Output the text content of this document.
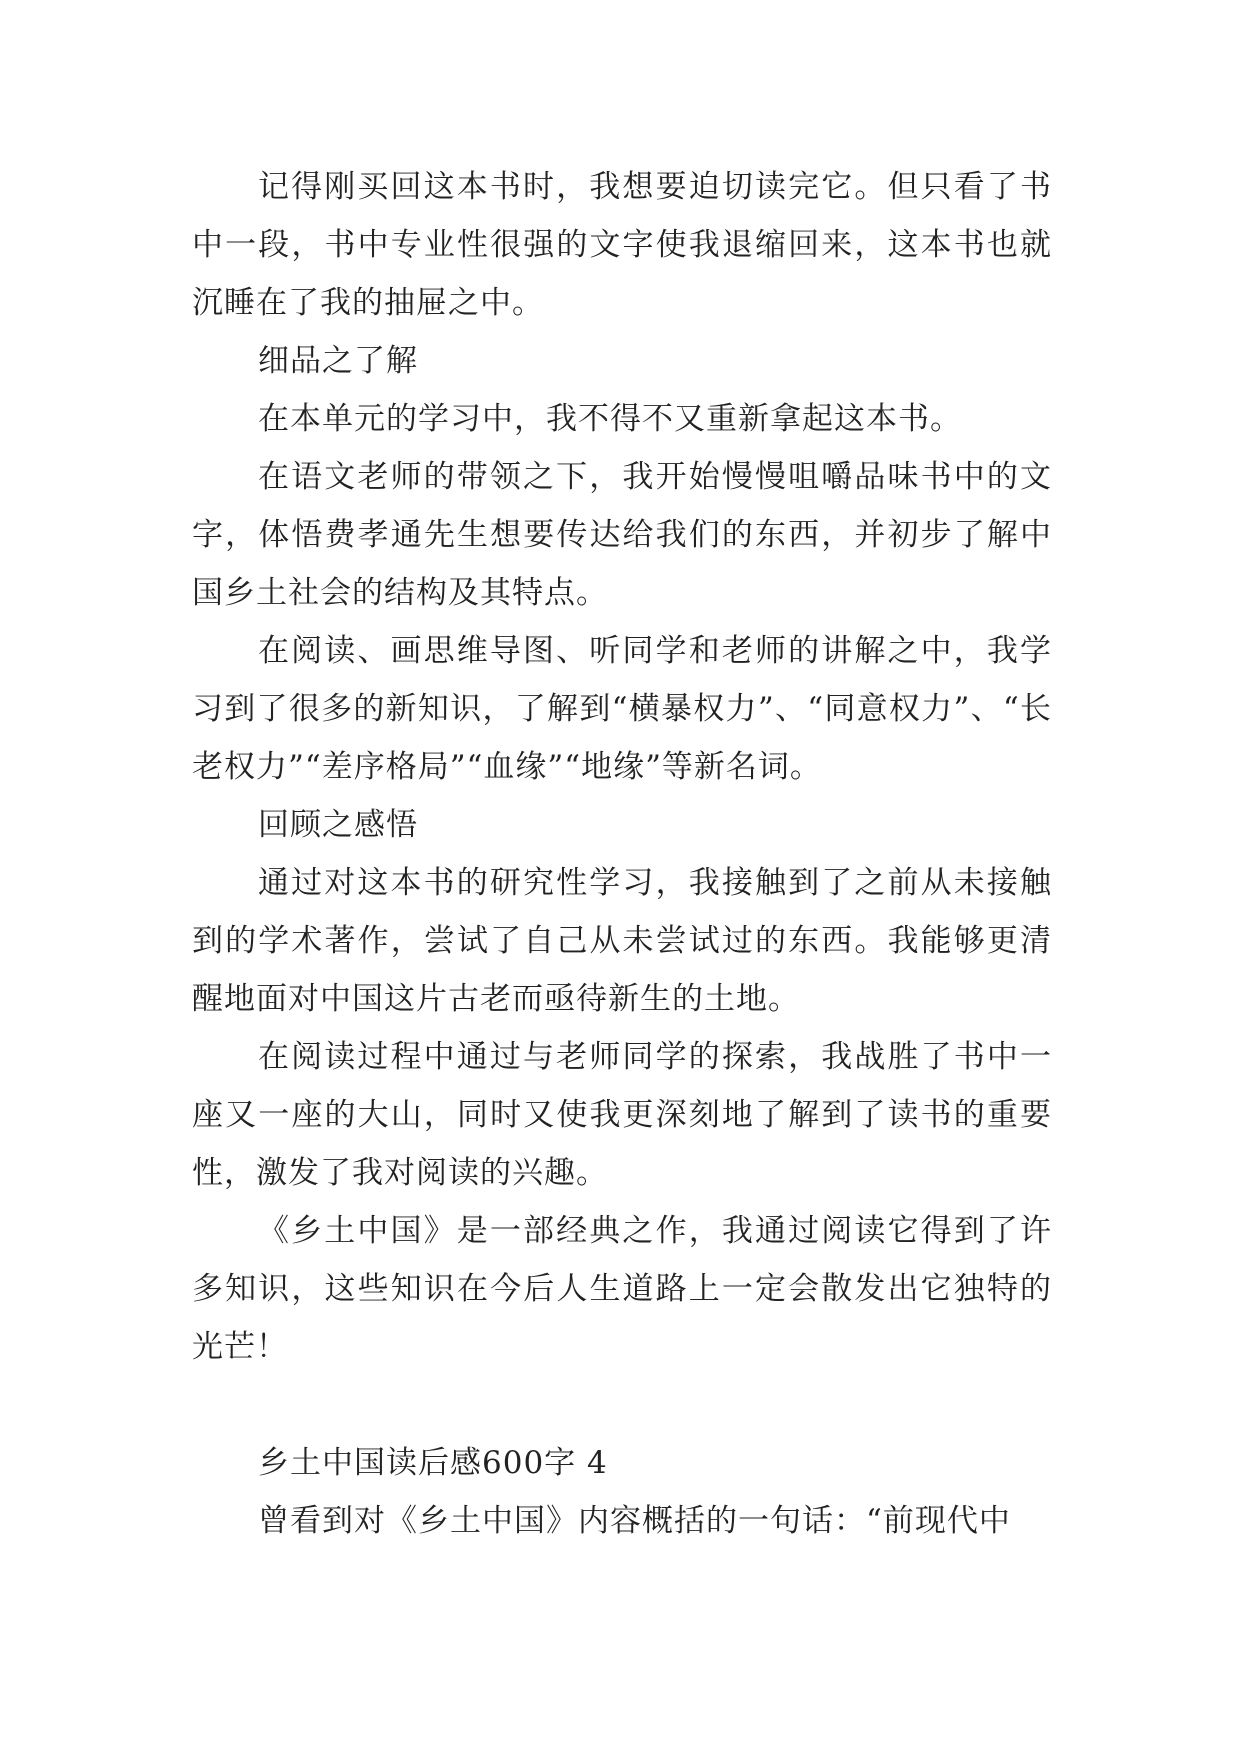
记得刚买回这本书时，我想要迫切读完它。但只看了书中一段，书中专业性很强的文字使我退缩回来，这本书也就沉睡在了我的抽屉之中。

细品之了解

在本单元的学习中，我不得不又重新拿起这本书。

在语文老师的带领之下，我开始慢慢咀嚼品味书中的文字，体悟费孝通先生想要传达给我们的东西，并初步了解中国乡土社会的结构及其特点。

在阅读、画思维导图、听同学和老师的讲解之中，我学习到了很多的新知识，了解到“横暴权力”、“同意权力”、“长老权力”“差序格局”“血缘”“地缘”等新名词。

回顾之感悟

通过对这本书的研究性学习，我接触到了之前从未接触到的学术著作，尝试了自己从未尝试过的东西。我能够更清醒地面对中国这片古老而亟待新生的土地。

在阅读过程中通过与老师同学的探索，我战胜了书中一座又一座的大山，同时又使我更深刻地了解到了读书的重要性，激发了我对阅读的兴趣。

《乡土中国》是一部经典之作，我通过阅读它得到了许多知识，这些知识在今后人生道路上一定会散发出它独特的光芒！

乡土中国读后感600字 4

曾看到对《乡土中国》内容概括的一句话：“前现代中
